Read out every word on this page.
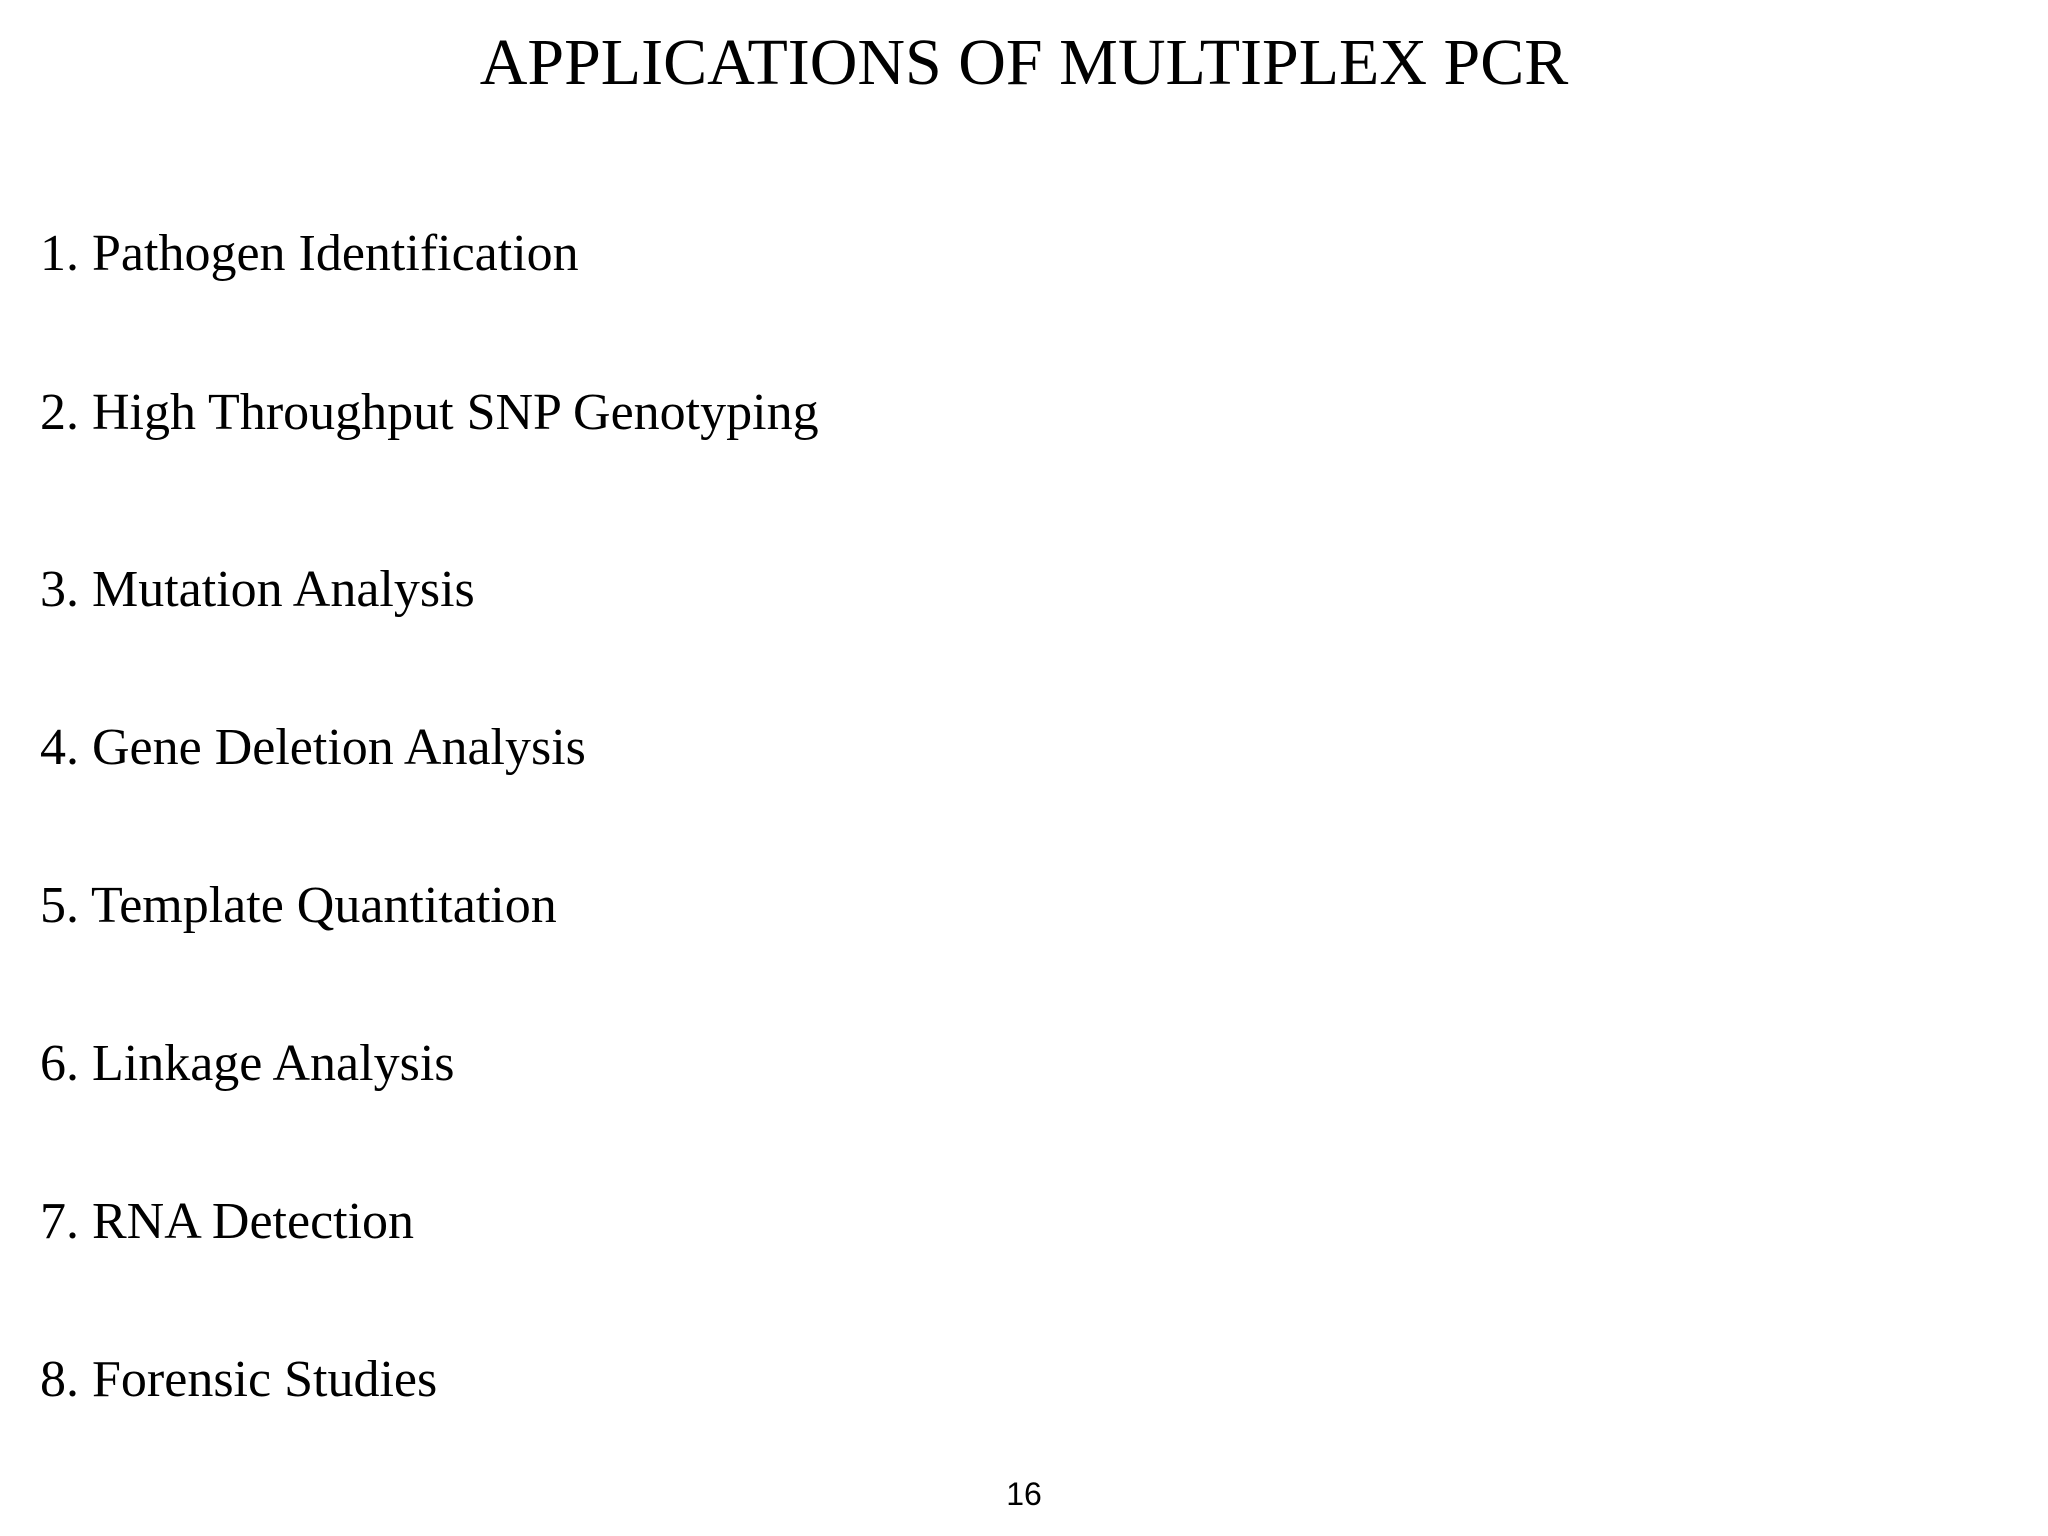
APPLICATIONS OF MULTIPLEX PCR
1. Pathogen Identification
2. High Throughput SNP Genotyping
3. Mutation Analysis
4. Gene Deletion Analysis
5. Template Quantitation
6. Linkage Analysis
7. RNA Detection
8. Forensic Studies
16
